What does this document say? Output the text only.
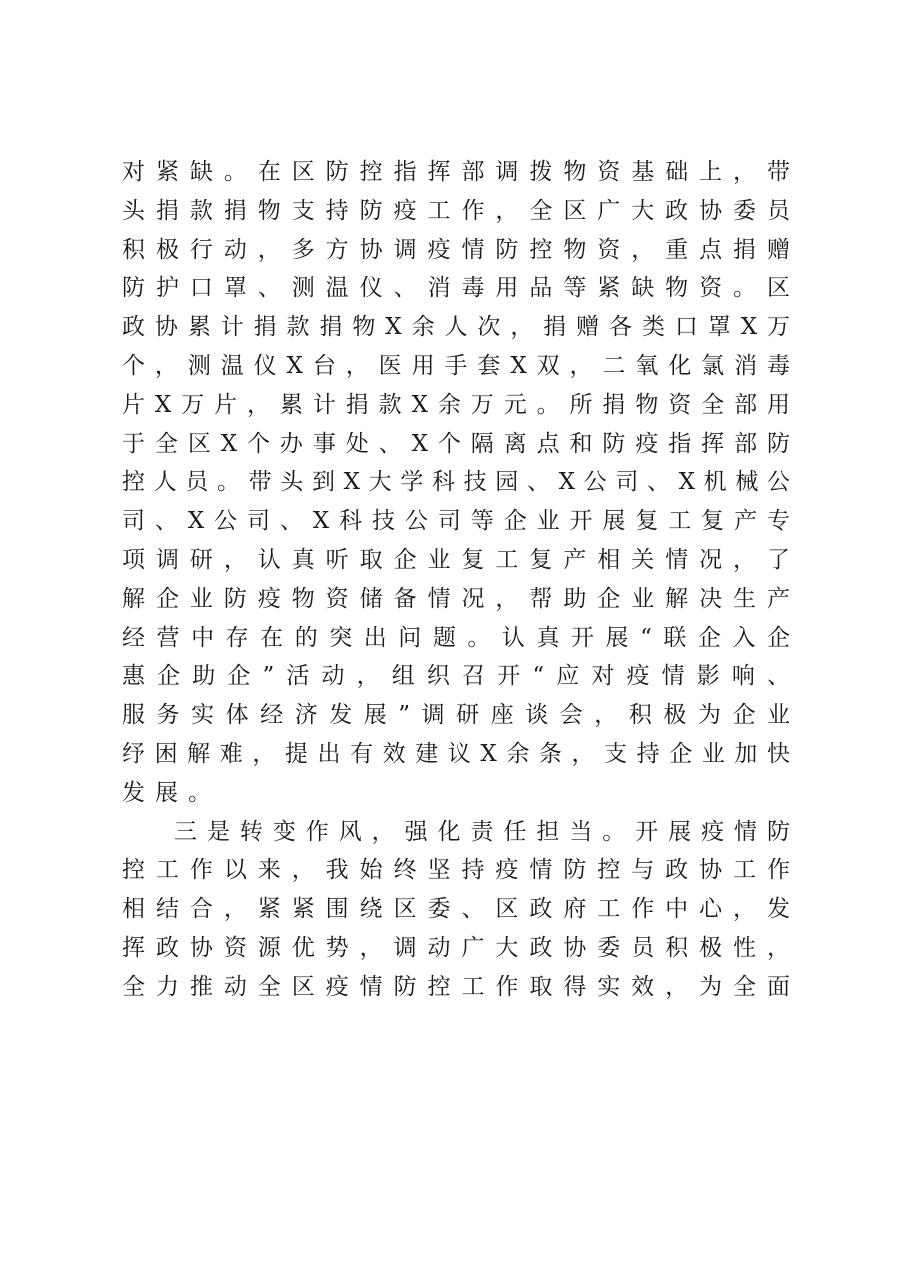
对紧缺。在区防控指挥部调拨物资基础上，带
头捐款捐物支持防疫工作，全区广大政协委员
积极行动，多方协调疫情防控物资，重点捐赠
防护口罩、测温仪、消毒用品等紧缺物资。区
政协累计捐款捐物X余人次，捐赠各类口罩X万
个，测温仪X台，医用手套X双，二氧化氯消毒
片X万片，累计捐款X余万元。所捐物资全部用
于全区X个办事处、X个隔离点和防疫指挥部防
控人员。带头到X大学科技园、X公司、X机械公
司、X公司、X科技公司等企业开展复工复产专
项调研，认真听取企业复工复产相关情况，了
解企业防疫物资储备情况，帮助企业解决生产
经营中存在的突出问题。认真开展“联企入企
惠企助企”活动，组织召开“应对疫情影响、
服务实体经济发展”调研座谈会，积极为企业
纾困解难，提出有效建议X余条，支持企业加快
发展。
三是转变作风，强化责任担当。开展疫情防
控工作以来，我始终坚持疫情防控与政协工作
相结合，紧紧围绕区委、区政府工作中心，发
挥政协资源优势，调动广大政协委员积极性，
全力推动全区疫情防控工作取得实效，为全面
